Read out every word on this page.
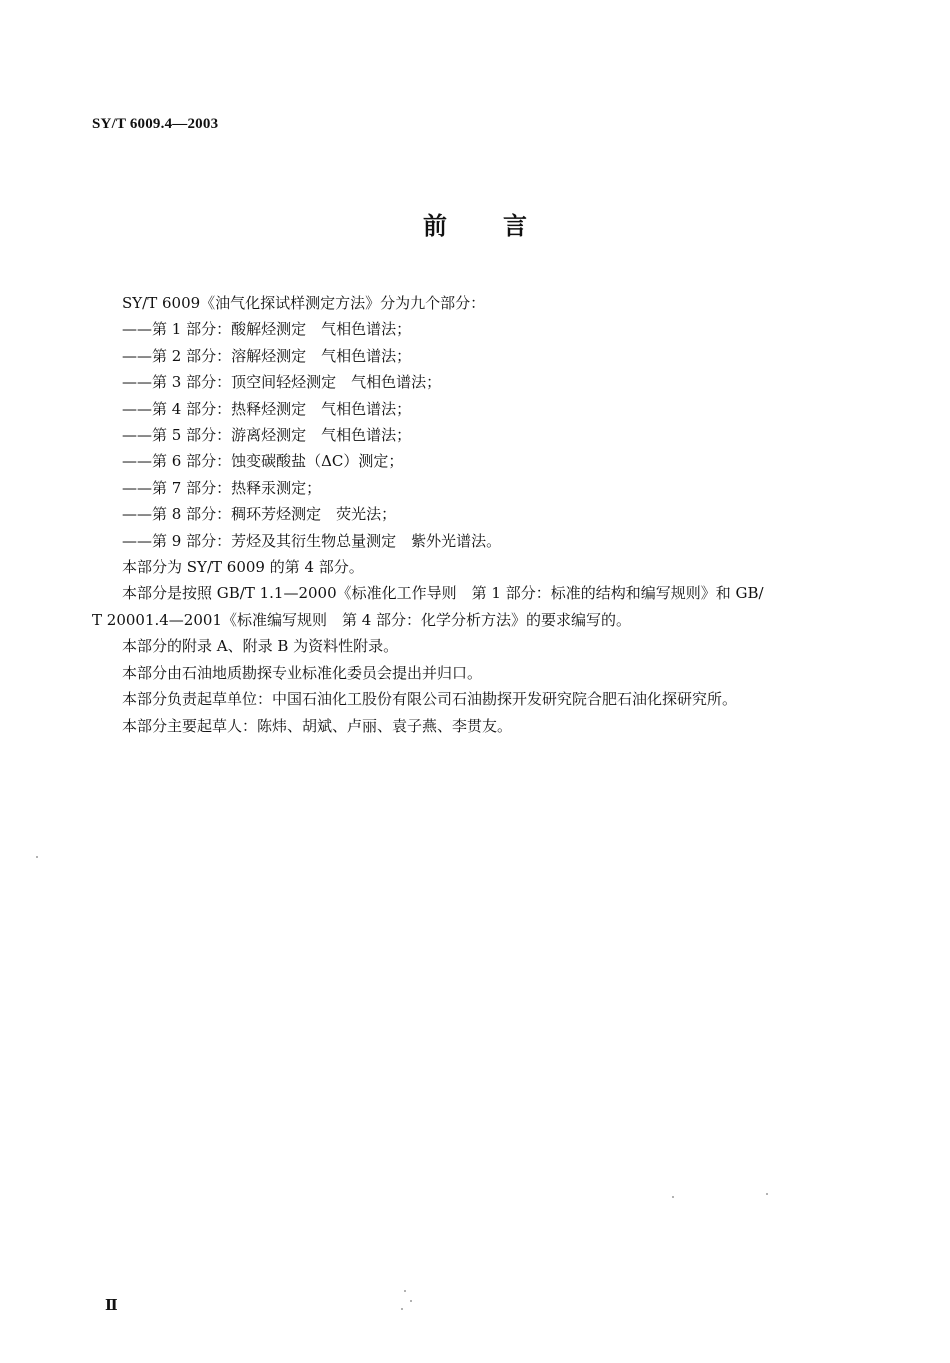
SY/T 6009.4—2003
前言

SY/T 6009《油气化探试样测定方法》分为九个部分：

——第 1 部分：酸解烃测定　气相色谱法；

——第 2 部分：溶解烃测定　气相色谱法；

——第 3 部分：顶空间轻烃测定　气相色谱法；

——第 4 部分：热释烃测定　气相色谱法；

——第 5 部分：游离烃测定　气相色谱法；

——第 6 部分：蚀变碳酸盐（ΔC）测定；

——第 7 部分：热释汞测定；

——第 8 部分：稠环芳烃测定　荧光法；

——第 9 部分：芳烃及其衍生物总量测定　紫外光谱法。

本部分为 SY/T 6009 的第 4 部分。

本部分是按照 GB/T 1.1—2000《标准化工作导则　第 1 部分：标准的结构和编写规则》和 GB/

T 20001.4—2001《标准编写规则　第 4 部分：化学分析方法》的要求编写的。

本部分的附录 A、附录 B 为资料性附录。

本部分由石油地质勘探专业标准化委员会提出并归口。

本部分负责起草单位：中国石油化工股份有限公司石油勘探开发研究院合肥石油化探研究所。

本部分主要起草人：陈炜、胡斌、卢丽、袁子燕、李贯友。

Ⅱ
